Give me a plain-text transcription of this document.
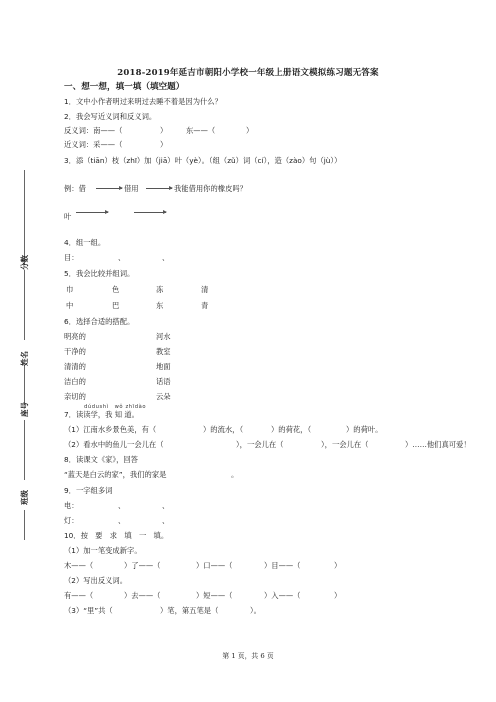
2018-2019年延吉市朝阳小学校一年级上册语文模拟练习题无答案
分数
姓名
座号
班级
一、想一想，填一填（填空题）
1．文中小作者明过来明过去睡不着是因为什么？
2．我会写近义词和反义词。
反义词：南——（	）	东——（	）
近义词：采——（	）
3．添（tiān）枝（zhī）加（jiā）叶（yè）。（组（zǔ）词（cí），造（zào）句（jù））
例：借	借用	我能借用你的橡皮吗？
叶
4．组一组。
目：	、	、
5．我会比较并组词。
巾	色	冻	清
中	巴	东	青
6．选择合适的搭配。
明亮的	河水
干净的	教室
清清的	地面
洁白的	话语
亲切的	云朵
dúdushì　wǒ zhīdào
7．读读学，我 知 道。
（1）江南水乡景色美，有（	）的流水，（	）的荷花，（	）的荷叶。
（2）看水中的鱼儿一会儿在（	），一会儿在（	），一会儿在（	）……他们真可爱！
8．读课文《家》，回答
“蓝天是白云的家”，我们的家是	。
9．一字组多词
电：	、	、
灯：	、	、
10．按　要　求　填　一　填。
（1）加一笔变成新字。
木——（	）了——（	）口——（	）目——（	）
（2）写出反义词。
有——（	）去——（	）短——（	）入——（	）
（3）“里”共（	）笔，第五笔是（	）。
第 1 页，共 6 页
